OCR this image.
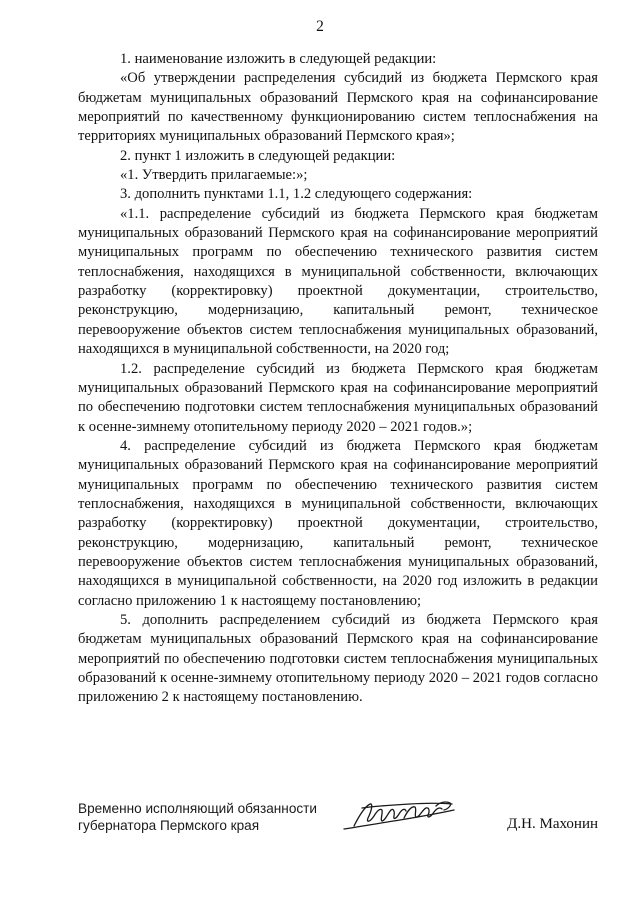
2

1. наименование изложить в следующей редакции:

«Об утверждении распределения субсидий из бюджета Пермского края бюджетам муниципальных образований Пермского края на софинансирование мероприятий по качественному функционированию систем теплоснабжения на территориях муниципальных образований Пермского края»;

2. пункт 1 изложить в следующей редакции:

«1. Утвердить прилагаемые:»;

3. дополнить пунктами 1.1, 1.2 следующего содержания:

«1.1. распределение субсидий из бюджета Пермского края бюджетам муниципальных образований Пермского края на софинансирование мероприятий муниципальных программ по обеспечению технического развития систем теплоснабжения, находящихся в муниципальной собственности, включающих разработку (корректировку) проектной документации, строительство, реконструкцию, модернизацию, капитальный ремонт, техническое перевооружение объектов систем теплоснабжения муниципальных образований, находящихся в муниципальной собственности, на 2020 год;

1.2. распределение субсидий из бюджета Пермского края бюджетам муниципальных образований Пермского края на софинансирование мероприятий по обеспечению подготовки систем теплоснабжения муниципальных образований к осенне-зимнему отопительному периоду 2020 – 2021 годов.»;

4. распределение субсидий из бюджета Пермского края бюджетам муниципальных образований Пермского края на софинансирование мероприятий муниципальных программ по обеспечению технического развития систем теплоснабжения, находящихся в муниципальной собственности, включающих разработку (корректировку) проектной документации, строительство, реконструкцию, модернизацию, капитальный ремонт, техническое перевооружение объектов систем теплоснабжения муниципальных образований, находящихся в муниципальной собственности, на 2020 год изложить в редакции согласно приложению 1 к настоящему постановлению;

5. дополнить распределением субсидий из бюджета Пермского края бюджетам муниципальных образований Пермского края на софинансирование мероприятий по обеспечению подготовки систем теплоснабжения муниципальных образований к осенне-зимнему отопительному периоду 2020 – 2021 годов согласно приложению 2 к настоящему постановлению.

Временно исполняющий обязанности
губернатора Пермского края	Д.Н. Махонин
